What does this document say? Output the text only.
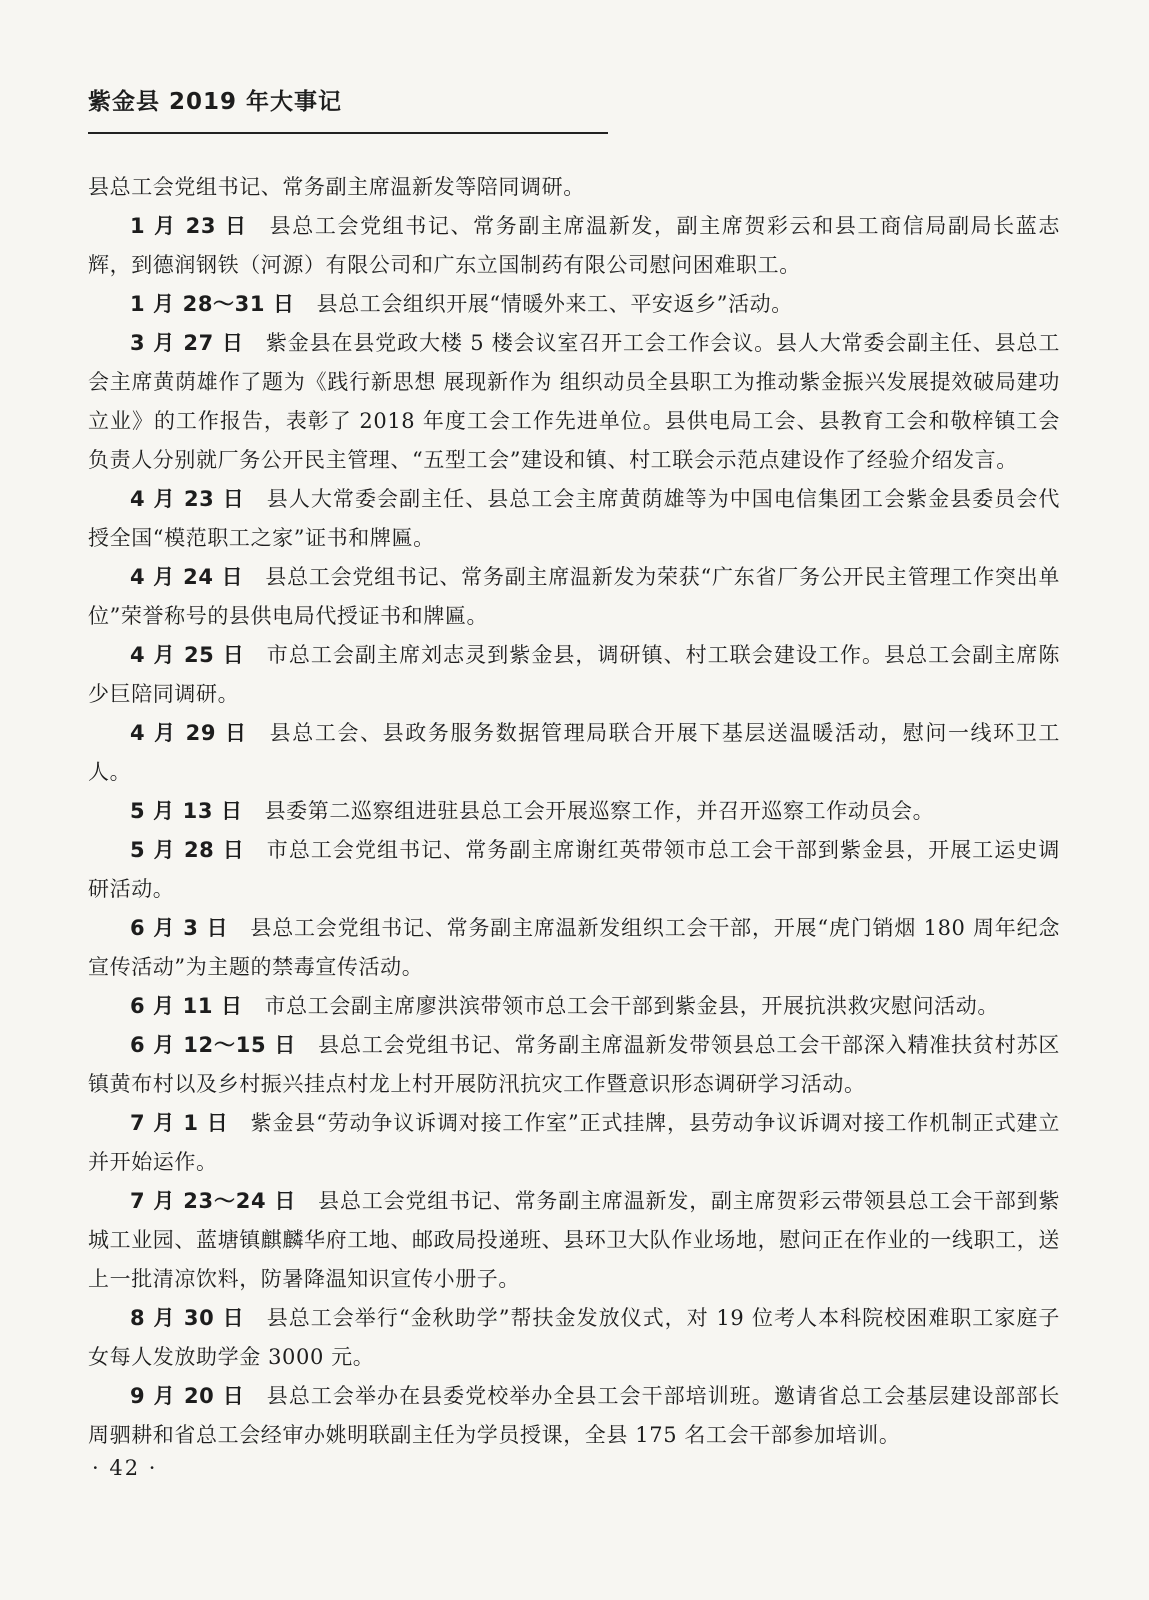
紫金县 2019 年大事记

县总工会党组书记、常务副主席温新发等陪同调研。

1 月 23 日 县总工会党组书记、常务副主席温新发，副主席贺彩云和县工商信局副局长蓝志辉，到德润钢铁（河源）有限公司和广东立国制药有限公司慰问困难职工。

1 月 28～31 日 县总工会组织开展“情暖外来工、平安返乡”活动。

3 月 27 日 紫金县在县党政大楼 5 楼会议室召开工会工作会议。县人大常委会副主任、县总工会主席黄荫雄作了题为《践行新思想 展现新作为 组织动员全县职工为推动紫金振兴发展提效破局建功立业》的工作报告，表彰了 2018 年度工会工作先进单位。县供电局工会、县教育工会和敬梓镇工会负责人分别就厂务公开民主管理、“五型工会”建设和镇、村工联会示范点建设作了经验介绍发言。

4 月 23 日 县人大常委会副主任、县总工会主席黄荫雄等为中国电信集团工会紫金县委员会代授全国“模范职工之家”证书和牌匾。

4 月 24 日 县总工会党组书记、常务副主席温新发为荣获“广东省厂务公开民主管理工作突出单位”荣誉称号的县供电局代授证书和牌匾。

4 月 25 日 市总工会副主席刘志灵到紫金县，调研镇、村工联会建设工作。县总工会副主席陈少巨陪同调研。

4 月 29 日 县总工会、县政务服务数据管理局联合开展下基层送温暖活动，慰问一线环卫工人。

5 月 13 日 县委第二巡察组进驻县总工会开展巡察工作，并召开巡察工作动员会。

5 月 28 日 市总工会党组书记、常务副主席谢红英带领市总工会干部到紫金县，开展工运史调研活动。

6 月 3 日 县总工会党组书记、常务副主席温新发组织工会干部，开展“虎门销烟 180 周年纪念宣传活动”为主题的禁毒宣传活动。

6 月 11 日 市总工会副主席廖洪滨带领市总工会干部到紫金县，开展抗洪救灾慰问活动。

6 月 12～15 日 县总工会党组书记、常务副主席温新发带领县总工会干部深入精准扶贫村苏区镇黄布村以及乡村振兴挂点村龙上村开展防汛抗灾工作暨意识形态调研学习活动。

7 月 1 日 紫金县“劳动争议诉调对接工作室”正式挂牌，县劳动争议诉调对接工作机制正式建立并开始运作。

7 月 23～24 日 县总工会党组书记、常务副主席温新发，副主席贺彩云带领县总工会干部到紫城工业园、蓝塘镇麒麟华府工地、邮政局投递班、县环卫大队作业场地，慰问正在作业的一线职工，送上一批清凉饮料，防暑降温知识宣传小册子。

8 月 30 日 县总工会举行“金秋助学”帮扶金发放仪式，对 19 位考人本科院校困难职工家庭子女每人发放助学金 3000 元。

9 月 20 日 县总工会举办在县委党校举办全县工会干部培训班。邀请省总工会基层建设部部长周驷耕和省总工会经审办姚明联副主任为学员授课，全县 175 名工会干部参加培训。

· 42 ·
